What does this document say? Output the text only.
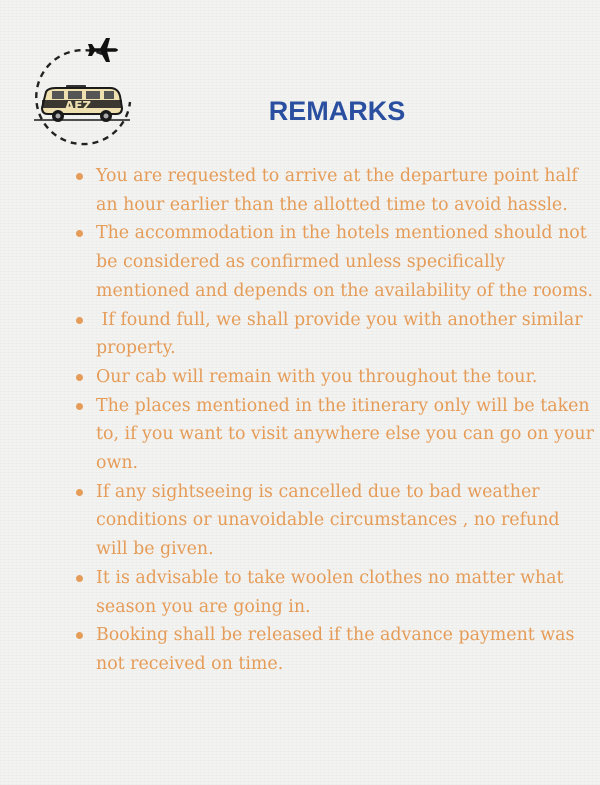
AFZ	REMARKS
You are requested to arrive at the departure point half an hour earlier than the allotted time to avoid hassle.
The accommodation in the hotels mentioned should not be considered as confirmed unless specifically mentioned and depends on the availability of the rooms.
If found full, we shall provide you with another similar property.
Our cab will remain with you throughout the tour.
The places mentioned in the itinerary only will be taken to, if you want to visit anywhere else you can go on your own.
If any sightseeing is cancelled due to bad weather conditions or unavoidable circumstances , no refund will be given.
It is advisable to take woolen clothes no matter what season you are going in.
Booking shall be released if the advance payment was not received on time.
